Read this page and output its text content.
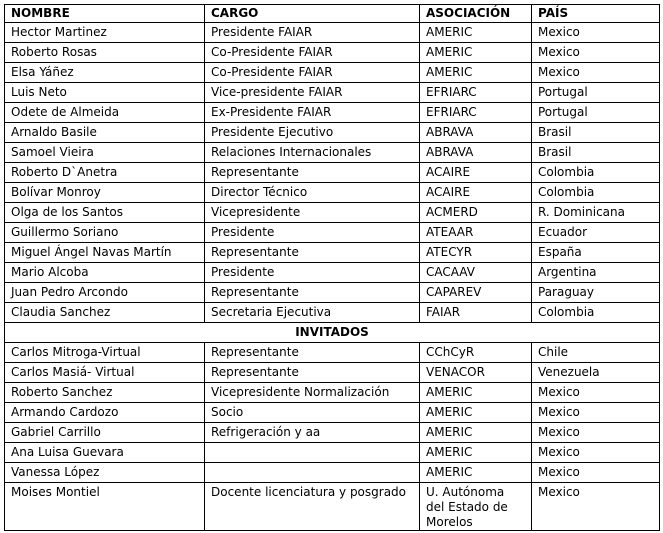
NOMBRE	CARGO	ASOCIACIÓN	PAÍS
Hector Martinez	Presidente FAIAR	AMERIC	Mexico
Roberto Rosas	Co-Presidente FAIAR	AMERIC	Mexico
Elsa Yáñez	Co-Presidente FAIAR	AMERIC	Mexico
Luis Neto	Vice-presidente FAIAR	EFRIARC	Portugal
Odete de Almeida	Ex-Presidente FAIAR	EFRIARC	Portugal
Arnaldo Basile	Presidente Ejecutivo	ABRAVA	Brasil
Samoel Vieira	Relaciones Internacionales	ABRAVA	Brasil
Roberto D`Anetra	Representante	ACAIRE	Colombia
Bolívar Monroy	Director Técnico	ACAIRE	Colombia
Olga de los Santos	Vicepresidente	ACMERD	R. Dominicana
Guillermo Soriano	Presidente	ATEAAR	Ecuador
Miguel Ángel Navas Martín	Representante	ATECYR	España
Mario Alcoba	Presidente	CACAAV	Argentina
Juan Pedro Arcondo	Representante	CAPAREV	Paraguay
Claudia Sanchez	Secretaria Ejecutiva	FAIAR	Colombia
INVITADOS			
Carlos Mitroga-Virtual	Representante	CChCyR	Chile
Carlos Masiá- Virtual	Representante	VENACOR	Venezuela
Roberto Sanchez	Vicepresidente Normalización	AMERIC	Mexico
Armando Cardozo	Socio	AMERIC	Mexico
Gabriel Carrillo	Refrigeración y aa	AMERIC	Mexico
Ana Luisa Guevara		AMERIC	Mexico
Vanessa López		AMERIC	Mexico
Moises Montiel	Docente licenciatura y posgrado	U. Autónoma del Estado de Morelos	Mexico
